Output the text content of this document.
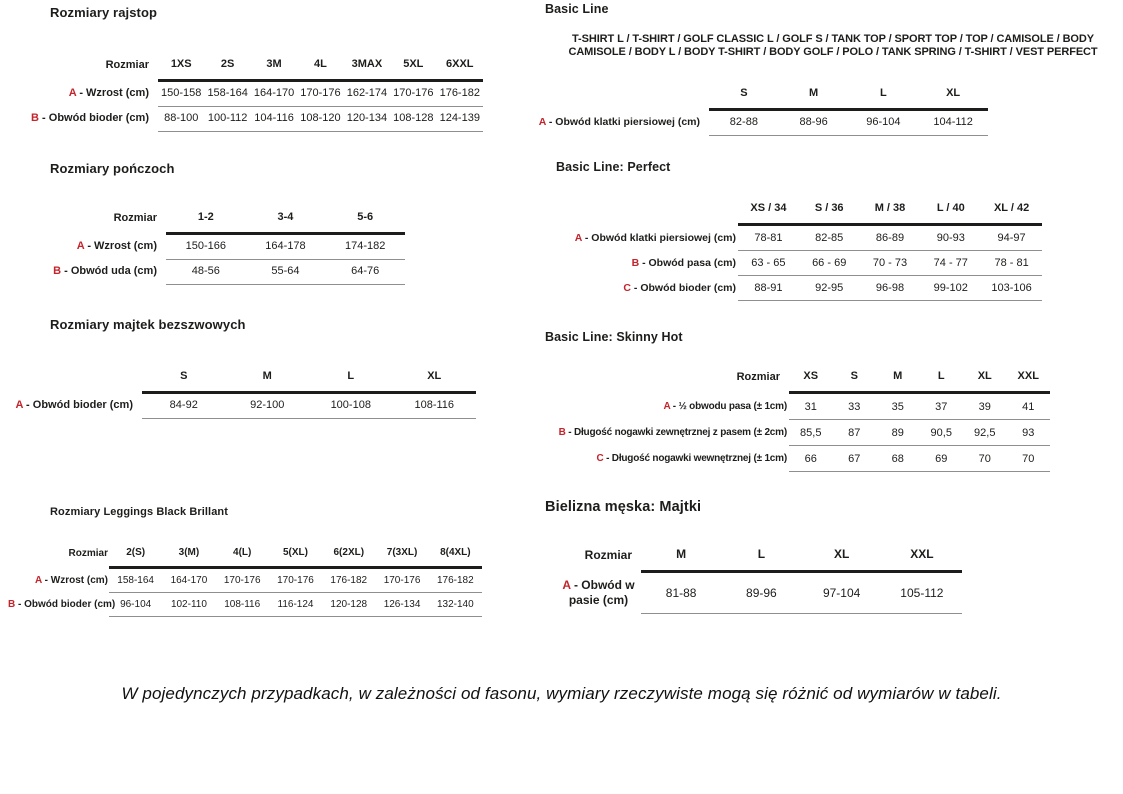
Rozmiary rajstop
Rozmiar	1XS	2S	3M	4L	3MAX	5XL	6XXL
A - Wzrost (cm)	150-158	158-164	164-170	170-176	162-174	170-176	176-182
B - Obwód bioder (cm)	88-100	100-112	104-116	108-120	120-134	108-128	124-139
Rozmiary pończoch
Rozmiar	1-2	3-4	5-6
A - Wzrost (cm)	150-166	164-178	174-182
B - Obwód uda (cm)	48-56	55-64	64-76
Rozmiary majtek bezszwowych
	S	M	L	XL
A - Obwód bioder (cm)	84-92	92-100	100-108	108-116
Rozmiary Leggings Black Brillant
Rozmiar	2(S)	3(M)	4(L)	5(XL)	6(2XL)	7(3XL)	8(4XL)
A - Wzrost (cm)	158-164	164-170	170-176	170-176	176-182	170-176	176-182
B - Obwód bioder (cm)	96-104	102-110	108-116	116-124	120-128	126-134	132-140
Basic Line
T-SHIRT L / T-SHIRT / GOLF CLASSIC L / GOLF S / TANK TOP / SPORT TOP / TOP / CAMISOLE / BODY CAMISOLE / BODY L / BODY T-SHIRT / BODY GOLF / POLO / TANK SPRING / T-SHIRT / VEST PERFECT
	S	M	L	XL
A - Obwód klatki piersiowej (cm)	82-88	88-96	96-104	104-112
Basic Line: Perfect
	XS / 34	S / 36	M / 38	L / 40	XL / 42
A - Obwód klatki piersiowej (cm)	78-81	82-85	86-89	90-93	94-97
B - Obwód pasa (cm)	63 - 65	66 - 69	70 - 73	74 - 77	78 - 81
C - Obwód bioder (cm)	88-91	92-95	96-98	99-102	103-106
Basic Line: Skinny Hot
Rozmiar	XS	S	M	L	XL	XXL
A - ½ obwodu pasa (± 1cm)	31	33	35	37	39	41
B - Długość nogawki zewnętrznej z pasem (± 2cm)	85,5	87	89	90,5	92,5	93
C - Długość nogawki wewnętrznej (± 1cm)	66	67	68	69	70	70
Bielizna męska: Majtki
Rozmiar	M	L	XL	XXL
A - Obwód w pasie (cm)	81-88	89-96	97-104	105-112
W pojedynczych przypadkach, w zależności od fasonu, wymiary rzeczywiste mogą się różnić od wymiarów w tabeli.
